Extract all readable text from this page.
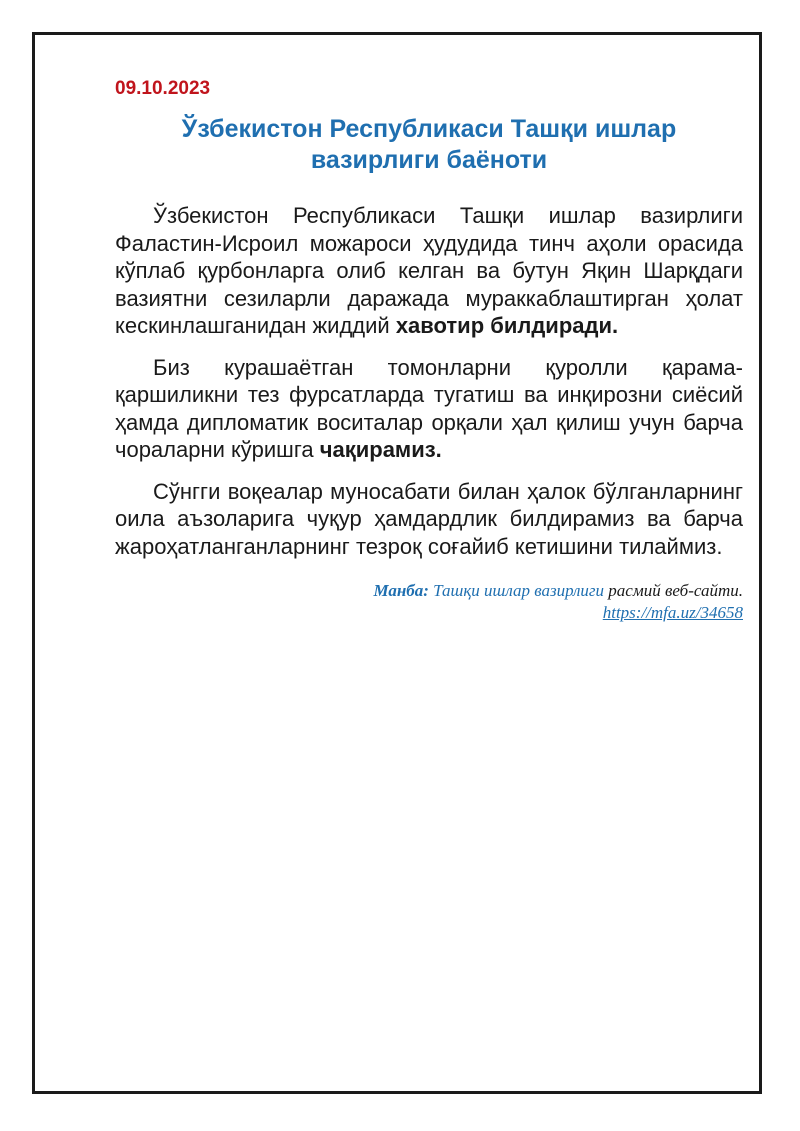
09.10.2023
Ўзбекистон Республикаси Ташқи ишлар вазирлиги баёноти

Ўзбекистон Республикаси Ташқи ишлар вазирлиги Фаластин-Исроил можароси ҳудудида тинч аҳоли орасида кўплаб қурбонларга олиб келган ва бутун Яқин Шарқдаги вазиятни сезиларли даражада мураккаблаштирган ҳолат кескинлашганидан жиддий хавотир билдиради.

Биз курашаётган томонларни қуролли қарама-қаршиликни тез фурсатларда тугатиш ва инқирозни сиёсий ҳамда дипломатик воситалар орқали ҳал қилиш учун барча чораларни кўришга чақирамиз.

Сўнгги воқеалар муносабати билан ҳалок бўлганларнинг оила аъзоларига чуқур ҳамдардлик билдирамиз ва барча жароҳатланганларнинг тезроқ соғайиб кетишини тилаймиз.

Манба: Ташқи ишлар вазирлиги расмий веб-сайти.
https://mfa.uz/34658
